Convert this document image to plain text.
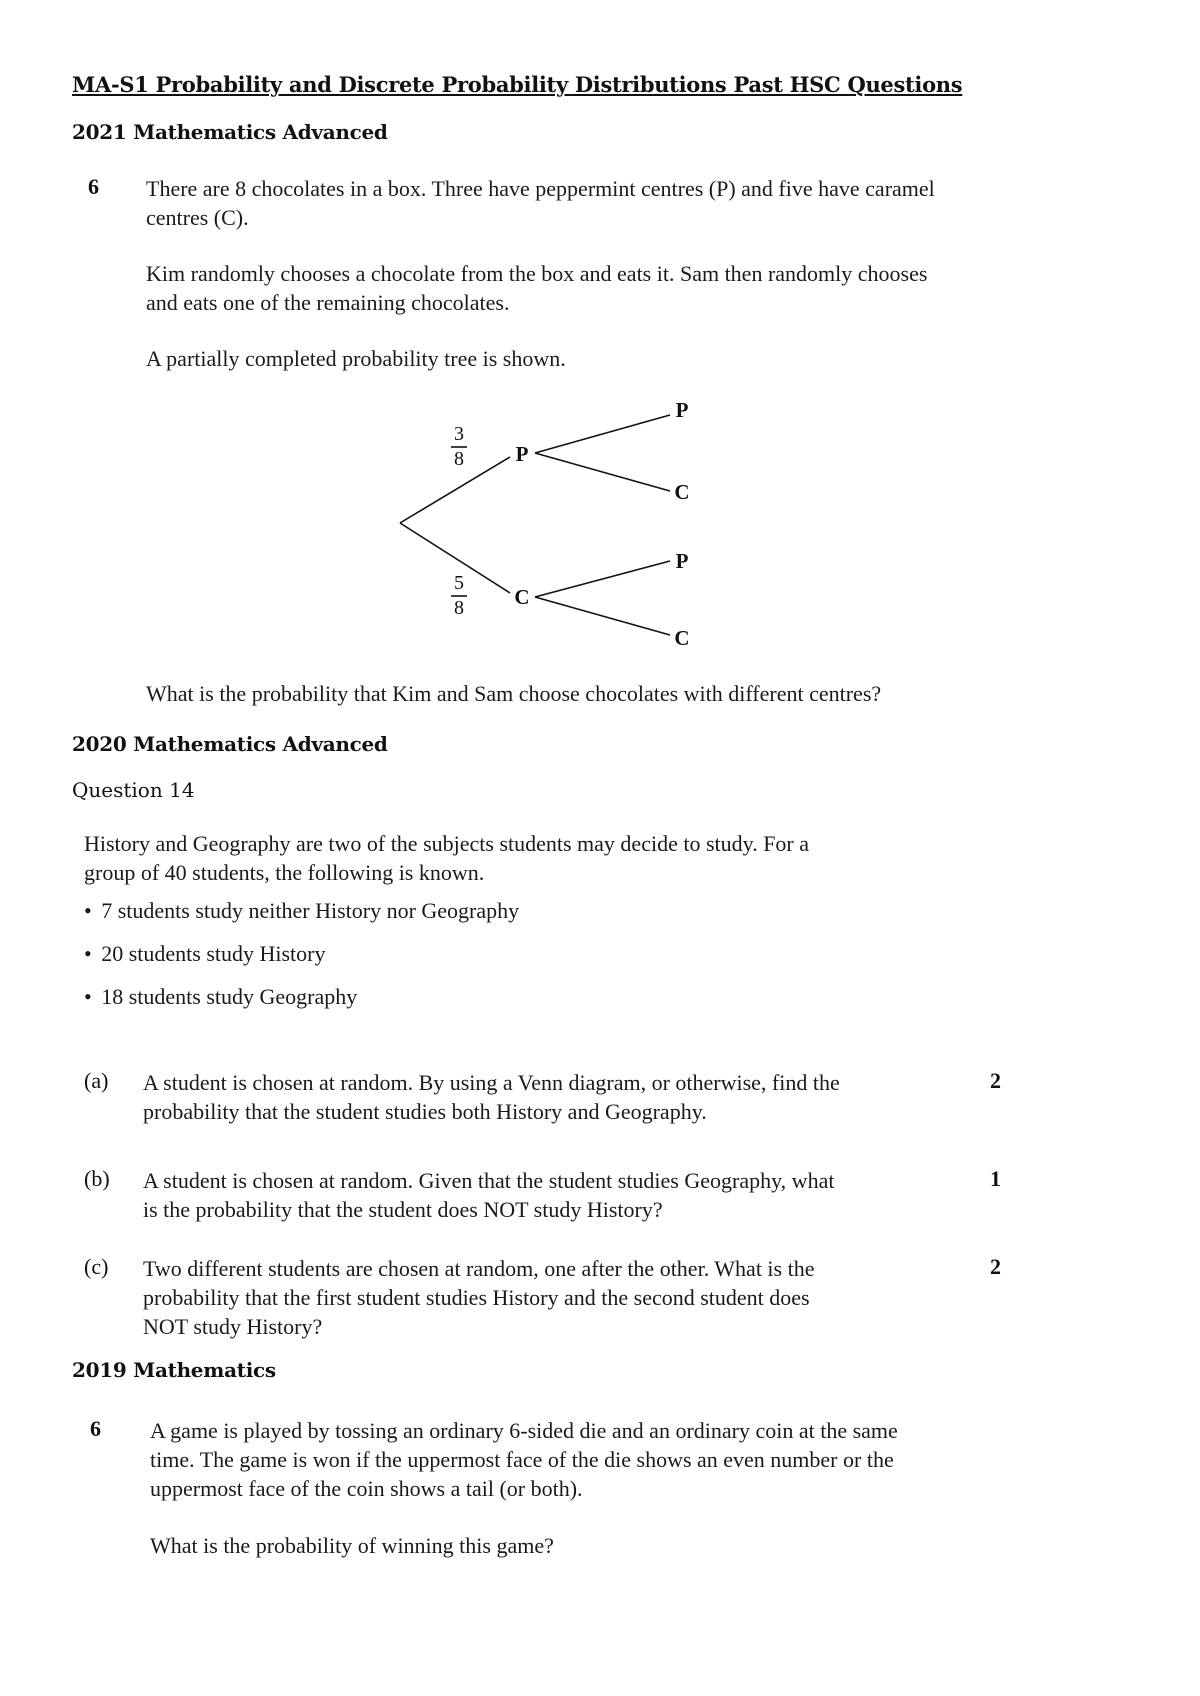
MA-S1 Probability and Discrete Probability Distributions Past HSC Questions
2021 Mathematics Advanced
6 There are 8 chocolates in a box. Three have peppermint centres (P) and five have caramel
centres (C).
Kim randomly chooses a chocolate from the box and eats it. Sam then randomly chooses
and eats one of the remaining chocolates.
A partially completed probability tree is shown.
3
8
5
8
P
C
P
C
P
C
What is the probability that Kim and Sam choose chocolates with different centres?
2020 Mathematics Advanced
Question 14
History and Geography are two of the subjects students may decide to study. For a
group of 40 students, the following is known.
• 7 students study neither History nor Geography
• 20 students study History
• 18 students study Geography
(a) A student is chosen at random. By using a Venn diagram, or otherwise, find the
probability that the student studies both History and Geography.
2
(b) A student is chosen at random. Given that the student studies Geography, what
is the probability that the student does NOT study History?
1
(c) Two different students are chosen at random, one after the other. What is the
probability that the first student studies History and the second student does
NOT study History?
2
2019 Mathematics
6 A game is played by tossing an ordinary 6-sided die and an ordinary coin at the same
time. The game is won if the uppermost face of the die shows an even number or the
uppermost face of the coin shows a tail (or both).
What is the probability of winning this game?
